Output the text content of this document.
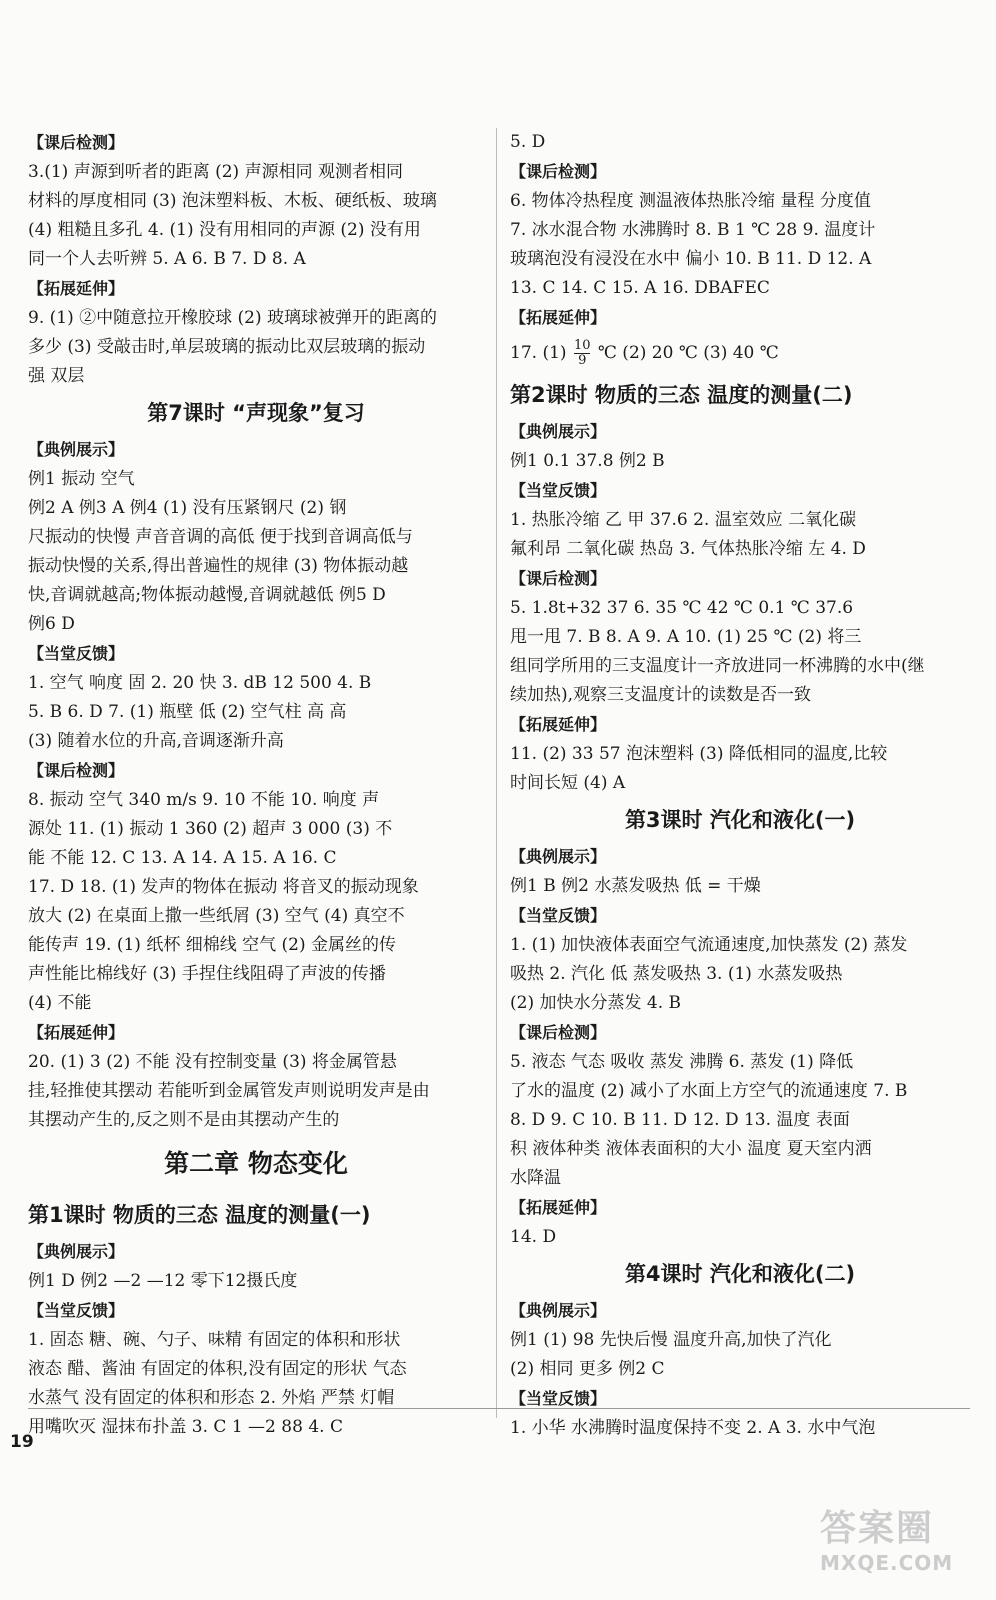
【 课后检测 】
3.(1) 声源到听者的距离 (2) 声源相同 观测者相同
材料的厚度相同 (3) 泡沫塑料板、木板、硬纸板、玻璃
(4) 粗糙且多孔 4. (1) 没有用相同的声源 (2) 没有用
同一个人去听辨 5. A 6. B 7. D 8. A
【 拓展延伸 】
9. (1) ②中随意拉开橡胶球 (2) 玻璃球被弹开的距离的
多少 (3) 受敲击时,单层玻璃的振动比双层玻璃的振动
强 双层
第7课时 “声现象”复习
【 典例展示 】
例1 振动 空气
例2 A 例3 A 例4 (1) 没有压紧钢尺 (2) 钢
尺振动的快慢 声音音调的高低 便于找到音调高低与
振动快慢的关系,得出普遍性的规律 (3) 物体振动越
快,音调就越高;物体振动越慢,音调就越低 例5 D
例6 D
【 当堂反馈 】
1. 空气 响度 固 2. 20 快 3. dB 12 500 4. B
5. B 6. D 7. (1) 瓶壁 低 (2) 空气柱 高 高
(3) 随着水位的升高,音调逐渐升高
【 课后检测 】
8. 振动 空气 340 m/s 9. 10 不能 10. 响度 声
源处 11. (1) 振动 1 360 (2) 超声 3 000 (3) 不
能 不能 12. C 13. A 14. A 15. A 16. C
17. D 18. (1) 发声的物体在振动 将音叉的振动现象
放大 (2) 在桌面上撒一些纸屑 (3) 空气 (4) 真空不
能传声 19. (1) 纸杯 细棉线 空气 (2) 金属丝的传
声性能比棉线好 (3) 手捏住线阻碍了声波的传播
(4) 不能
【 拓展延伸 】
20. (1) 3 (2) 不能 没有控制变量 (3) 将金属管悬
挂,轻推使其摆动 若能听到金属管发声则说明发声是由
其摆动产生的,反之则不是由其摆动产生的
第二章 物态变化
第1课时 物质的三态 温度的测量(一)
【 典例展示 】
例1 D 例2 —2 —12 零下12摄氏度
【 当堂反馈 】
1. 固态 糖、碗、勺子、味精 有固定的体积和形状
液态 醋、酱油 有固定的体积,没有固定的形状 气态
水蒸气 没有固定的体积和形态 2. 外焰 严禁 灯帽
用嘴吹灭 湿抹布扑盖 3. C 1 —2 88 4. C
5. D
【 课后检测 】
6. 物体冷热程度 测温液体热胀冷缩 量程 分度值
7. 冰水混合物 水沸腾时 8. B 1 ℃ 28 9. 温度计
玻璃泡没有浸没在水中 偏小 10. B 11. D 12. A
13. C 14. C 15. A 16. DBAFEC
【 拓展延伸 】
17. $(1) \frac{10}{9}$ ℃ (2) 20 ℃ (3) 40 ℃
第2课时 物质的三态 温度的测量(二)
【 典例展示 】
例1 0.1 37.8 例2 B
【 当堂反馈 】
1. 热胀冷缩 乙 甲 37.6 2. 温室效应 二氧化碳
氟利昂 二氧化碳 热岛 3. 气体热胀冷缩 左 4. D
【 课后检测 】
5. 1.8t+32 37 6. 35 ℃ 42 ℃ 0.1 ℃ 37.6
甩一甩 7. B 8. A 9. A 10. (1) 25 ℃ (2) 将三
组同学所用的三支温度计一齐放进同一杯沸腾的水中(继
续加热),观察三支温度计的读数是否一致
【 拓展延伸 】
11. (2) 33 57 泡沫塑料 (3) 降低相同的温度,比较
时间长短 (4) A
第3课时 汽化和液化(一)
【 典例展示 】
例1 B 例2 水蒸发吸热 低 = 干燥
【 当堂反馈 】
1. (1) 加快液体表面空气流通速度,加快蒸发 (2) 蒸发
吸热 2. 汽化 低 蒸发吸热 3. (1) 水蒸发吸热
(2) 加快水分蒸发 4. B
【 课后检测 】
5. 液态 气态 吸收 蒸发 沸腾 6. 蒸发 (1) 降低
了水的温度 (2) 减小了水面上方空气的流通速度 7. B
8. D 9. C 10. B 11. D 12. D 13. 温度 表面
积 液体种类 液体表面积的大小 温度 夏天室内洒
水降温
【 拓展延伸 】
14. D
第4课时 汽化和液化(二)
【 典例展示 】
例1 (1) 98 先快后慢 温度升高,加快了汽化
(2) 相同 更多 例2 C
【 当堂反馈 】
1. 小华 水沸腾时温度保持不变 2. A 3. 水中气泡
19
答案圈
MXQE.COM
